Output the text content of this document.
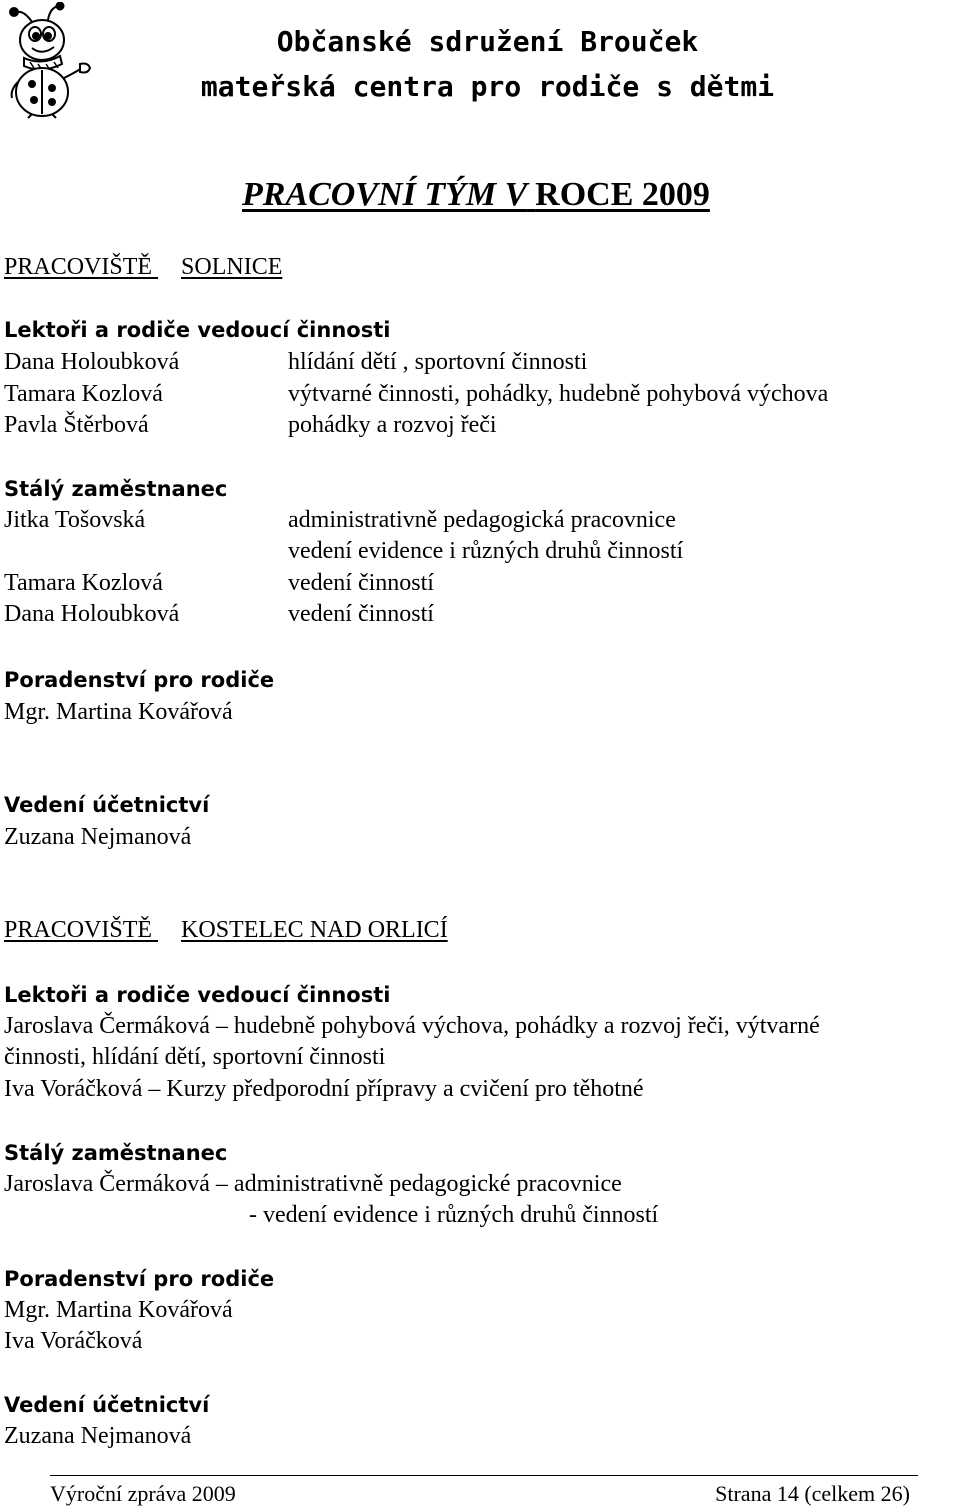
Občanské sdružení Brouček
mateřská centra pro rodiče s dětmi
PRACOVNÍ TÝM V ROCE 2009
PRACOVIŠTĚ SOLNICE
Lektoři a rodiče vedoucí činnosti
Dana Holoubková	hlídání dětí , sportovní činnosti
Tamara Kozlová	výtvarné činnosti, pohádky, hudebně pohybová výchova
Pavla Štěrbová	pohádky a rozvoj řeči
Stálý zaměstnanec
Jitka Tošovská	administrativně pedagogická pracovnice
vedení evidence i různých druhů činností
Tamara Kozlová	vedení činností
Dana Holoubková	vedení činností
Poradenství pro rodiče
Mgr. Martina Kovářová
Vedení účetnictví
Zuzana Nejmanová
PRACOVIŠTĚ KOSTELEC NAD ORLICÍ
Lektoři a rodiče vedoucí činnosti
Jaroslava Čermáková – hudebně pohybová výchova, pohádky a rozvoj řeči, výtvarné
činnosti, hlídání dětí, sportovní činnosti
Iva Voráčková – Kurzy předporodní přípravy a cvičení pro těhotné
Stálý zaměstnanec
Jaroslava Čermáková – administrativně pedagogické pracovnice
- vedení evidence i různých druhů činností
Poradenství pro rodiče
Mgr. Martina Kovářová
Iva Voráčková
Vedení účetnictví
Zuzana Nejmanová
Výroční zpráva 2009	Strana 14 (celkem 26)
